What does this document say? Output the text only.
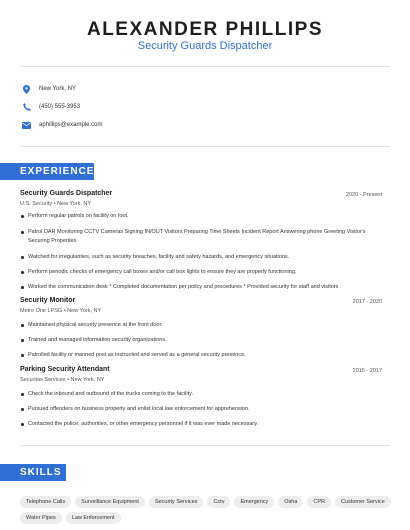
ALEXANDER PHILLIPS
Security Guards Dispatcher
New York, NY
(450) 555-3953
aphillips@example.com
EXPERIENCE
Security Guards Dispatcher	2020 - Present
U.S. Security • New York, NY
Perform regular patrols on facility on foot.
Patrol DAR Monitoring CCTV Cameras Signing IN/OUT Visitors Preparing Time Sheets Incident Report Answering phone Greeting Visitor's Securing Properties
Watched for irregularities, such as security breaches, facility and safety hazards, and emergency situations.
Perform periodic checks of emergency call boxes and/or call box lights to ensure they are properly functioning.
Worked the communication desk * Completed documentation per policy and procedures * Provided security for staff and visitors
Security Monitor	2017 - 2020
Metro One LPSG • New York, NY
Maintained physical security presence at the front door.
Trained and managed information security organizations.
Patrolled facility or manned post as instructed and served as a general security presence.
Parking Security Attendant	2015 - 2017
Securitas Services • New York, NY
Check the inbound and outbound of the trucks coming to the facility.
Pursued offenders on business property and enlist local law enforcement for apprehension.
Contacted the police, authorities, or other emergency personnel if it was ever made necessary.
SKILLS
Telephone Calls	Surveillance Equipment	Security Services	Cctv	Emergency	Osha	CPR	Customer Service
Water Pipes	Law Enforcement
